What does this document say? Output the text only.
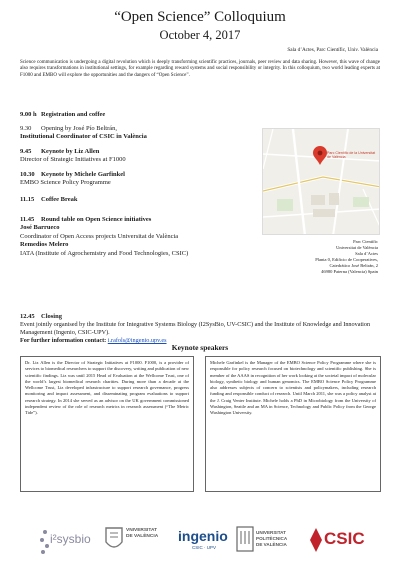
“Open Science” Colloquium
October 4, 2017
Sala d’Actes, Parc Científic, Univ. València
Science communication is undergoing a digital revolution which is deeply transforming scientific practices, journals, peer review and data sharing. However, this wave of change also requires transformations in institutional settings, for example regarding reward systems and social responsibility or integrity. In this colloquium, two world leading experts at F1000 and EMBO will explore the opportunities and the dangers of “Open Science”.
9.00 h Registration and coffee
9.30 Opening by José Pío Beltrán,
Institutional Coordinator of CSIC in València
9.45 Keynote by Liz Allen
Director of Strategic Initiatives at F1000
10.30 Keynote by Michele Garfinkel
EMBO Science Policy Programme
11.15 Coffee Break
11.45 Round table on Open Science initiatives
José Barrueco
Coordinator of Open Access projects Universitat de València
Remedios Melero
IATA (Institute of Agrochemistry and Food Technologies, CSIC)
Parc Científic de la Universitat de València
Parc Científic
Universitat de València
Sala d’Actes
Planta 0, Edificio de Cooperatives,
Catedrático José Beltrán, 2
46980 Paterna (Valencia) Spain
12.45 Closing
Event jointly organised by the Institute for Integrative Systems Biology (I2SysBio, UV-CSIC) and the Institute of Knowledge and Innovation Management (Ingenio, CSIC-UPV).
For further information contact: i.rafols@ingenio.upv.es
Keynote speakers
Dr. Liz Allen is the Director of Strategic Initiatives at F1000. F1000, is a provider of services to biomedical researchers to support the discovery, writing and publication of new scientific findings. Liz was until 2015 Head of Evaluation at the Wellcome Trust, one of the world’s largest biomedical research charities. During more than a decade at the Wellcome Trust, Liz developed infrastructure to support research governance, progress monitoring and impact assessment, and disseminating program evaluations to support research strategy. In 2014 she served as an advisor on the UK government commissioned independent review of the role of research metrics in research assessment (“The Metric Tide”).
Michele Garfinkel is the Manager of the EMBO Science Policy Programme where she is responsible for policy research focused on biotechnology and scientific publishing. She is member of the AAAS in recognition of her work looking at the societal impact of molecular biology, synthetic biology and human genomics. The EMBO Science Policy Programme also addresses subjects of concern to scientists and policymakers, including research funding and responsible conduct of research. Until March 2011, she was a policy analyst at the J. Craig Venter Institute. Michele holds a PhD in Microbiology from the University of Washington, Seattle and an MA in Science, Technology and Public Policy from the George Washington University.
i²sysbio
VNIVERSITAT
DE VALÈNCIA ingenio
CSIC · UPV
UNIVERSITAT
POLITÈCNICA
DE VALÈNCIA CSIC
